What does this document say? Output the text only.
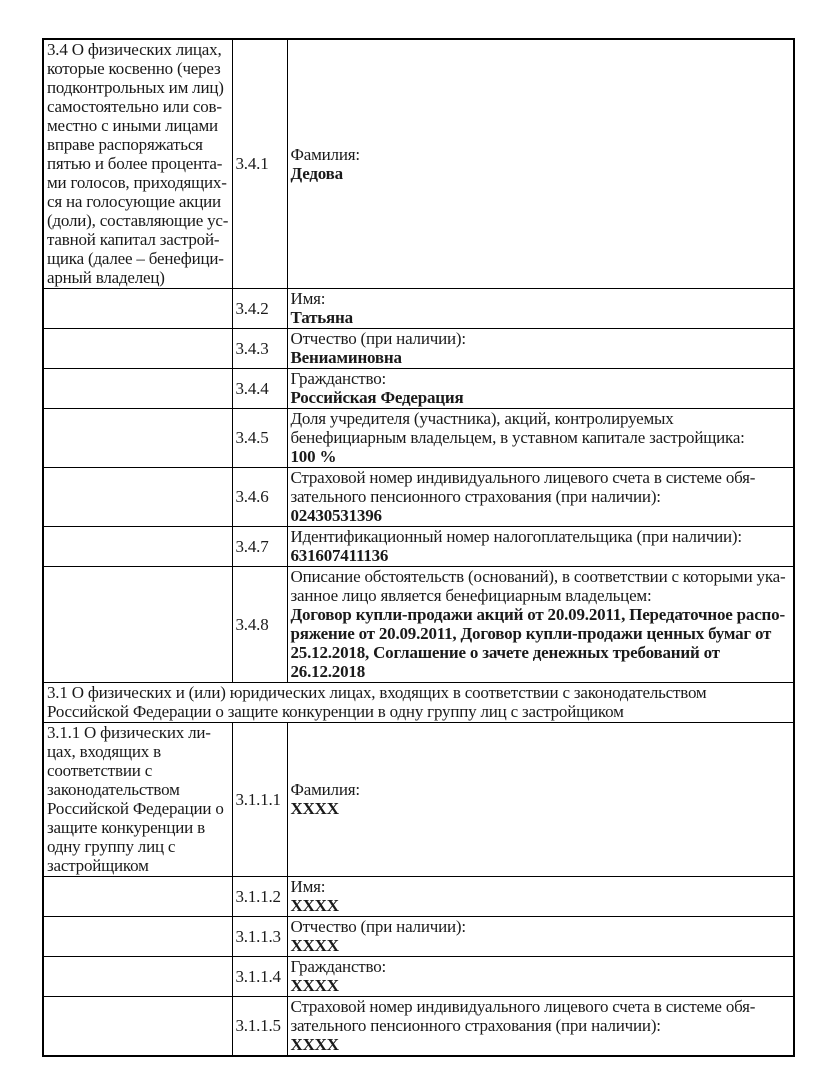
3.4 О физических лицах, которые косвенно (через подконтрольных им лиц) самостоятельно или совместно с иными лицами вправе распоряжаться пятью и более процентами голосов, приходящихся на голосующие акции (доли), составляющие уставной капитал застройщика (далее – бенефициарный владелец)	3.4.1	Фамилия:
Дедова

	3.4.2	Имя:
Татьяна

	3.4.3	Отчество (при наличии):
Вениаминовна

	3.4.4	Гражданство:
Российская Федерация

	3.4.5	Доля учредителя (участника), акций, контролируемых бенефициарным владельцем, в уставном капитале застройщика:
100 %

	3.4.6	Страховой номер индивидуального лицевого счета в системе обязательного пенсионного страхования (при наличии):
02430531396

	3.4.7	Идентификационный номер налогоплательщика (при наличии):
631607411136

	3.4.8	Описание обстоятельств (оснований), в соответствии с которыми указанное лицо является бенефициарным владельцем:
Договор купли-продажи акций от 20.09.2011, Передаточное распоряжение от 20.09.2011, Договор купли-продажи ценных бумаг от 25.12.2018, Соглашение о зачете денежных требований от 26.12.2018

3.1 О физических и (или) юридических лицах, входящих в соответствии с законодательством Российской Федерации о защите конкуренции в одну группу лиц с застройщиком		
3.1.1 О физических лицах, входящих в соответствии с законодательством Российской Федерации о защите конкуренции в одну группу лиц с застройщиком	3.1.1.1	Фамилия:
XXXX

	3.1.1.2	Имя:
XXXX

	3.1.1.3	Отчество (при наличии):
XXXX

	3.1.1.4	Гражданство:
XXXX

	3.1.1.5	Страховой номер индивидуального лицевого счета в системе обязательного пенсионного страхования (при наличии):
XXXX
